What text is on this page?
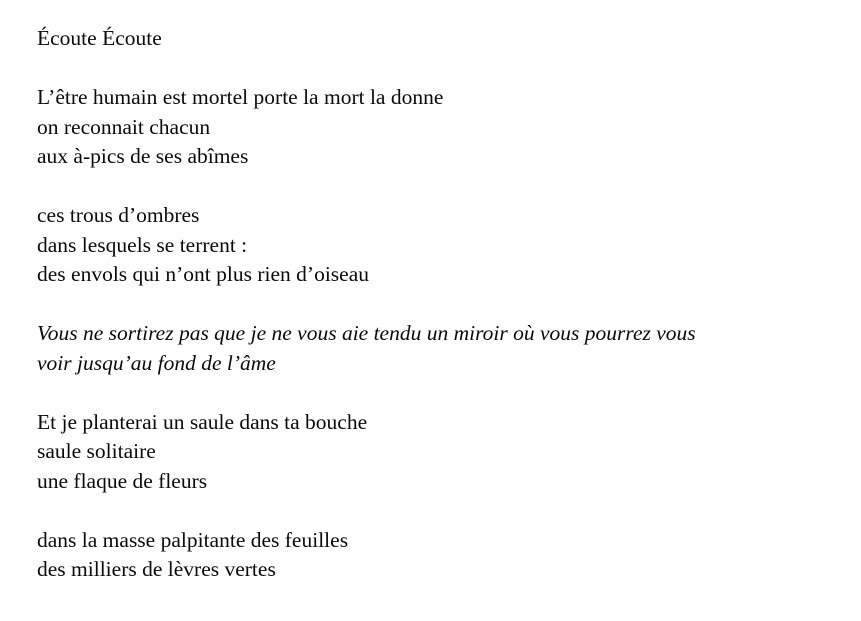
Écoute Écoute
L’être humain est mortel porte la mort la donne
on reconnait chacun
aux à-pics de ses abîmes
ces trous d’ombres
dans lesquels se terrent :
des envols qui n’ont plus rien d’oiseau
Vous ne sortirez pas que je ne vous aie tendu un miroir où vous pourrez vous
voir jusqu’au fond de l’âme
Et je planterai un saule dans ta bouche
saule solitaire
une flaque de fleurs
dans la masse palpitante des feuilles
des milliers de lèvres vertes
